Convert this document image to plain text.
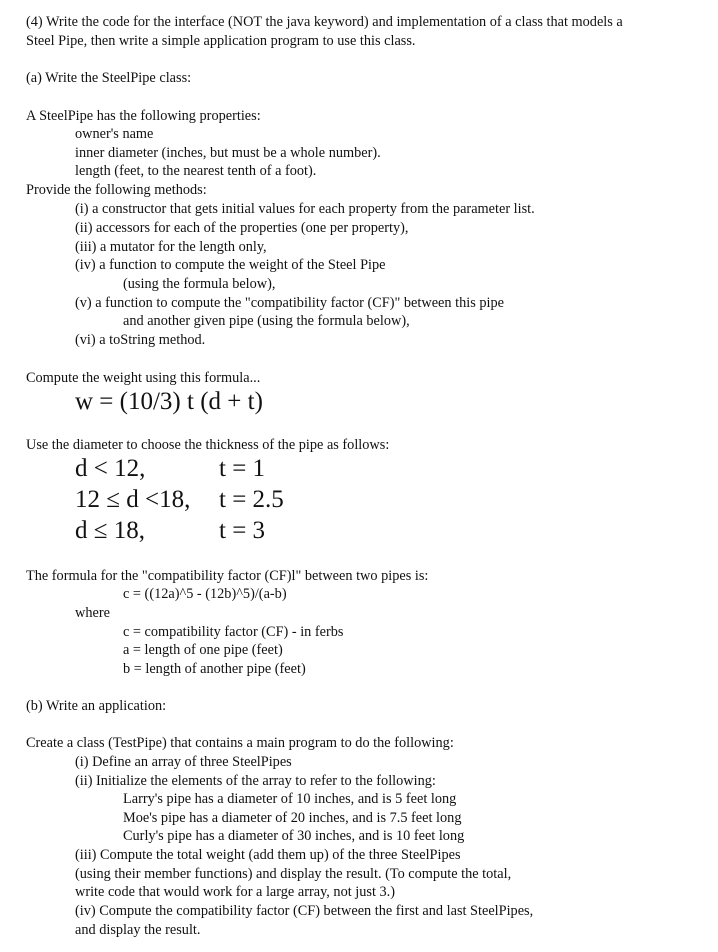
(4) Write the code for the interface (NOT the java keyword) and implementation of a class that models a
Steel Pipe, then write a simple application program to use this class.
(a) Write the SteelPipe class:
A SteelPipe has the following properties:
owner's name
inner diameter (inches, but must be a whole number).
length (feet, to the nearest tenth of a foot).
Provide the following methods:
(i) a constructor that gets initial values for each property from the parameter list.
(ii) accessors for each of the properties (one per property),
(iii) a mutator for the length only,
(iv) a function to compute the weight of the Steel Pipe
(using the formula below),
(v) a function to compute the "compatibility factor (CF)" between this pipe
and another given pipe (using the formula below),
(vi) a toString method.
Compute the weight using this formula...
w = (10/3) t (d + t)
Use the diameter to choose the thickness of the pipe as follows:
d < 12,	t = 1
12 ≤ d <18, t = 2.5
d ≤ 18,	t = 3
The formula for the "compatibility factor (CF)l" between two pipes is:
c = ((12a)^5 - (12b)^5)/(a-b)
where
c = compatibility factor (CF) - in ferbs
a = length of one pipe (feet)
b = length of another pipe (feet)
(b) Write an application:
Create a class (TestPipe) that contains a main program to do the following:
(i) Define an array of three SteelPipes
(ii) Initialize the elements of the array to refer to the following:
Larry's pipe has a diameter of 10 inches, and is 5 feet long
Moe's pipe has a diameter of 20 inches, and is 7.5 feet long
Curly's pipe has a diameter of 30 inches, and is 10 feet long
(iii) Compute the total weight (add them up) of the three SteelPipes
(using their member functions) and display the result. (To compute the total,
write code that would work for a large array, not just 3.)
(iv) Compute the compatibility factor (CF) between the first and last SteelPipes,
and display the result.
